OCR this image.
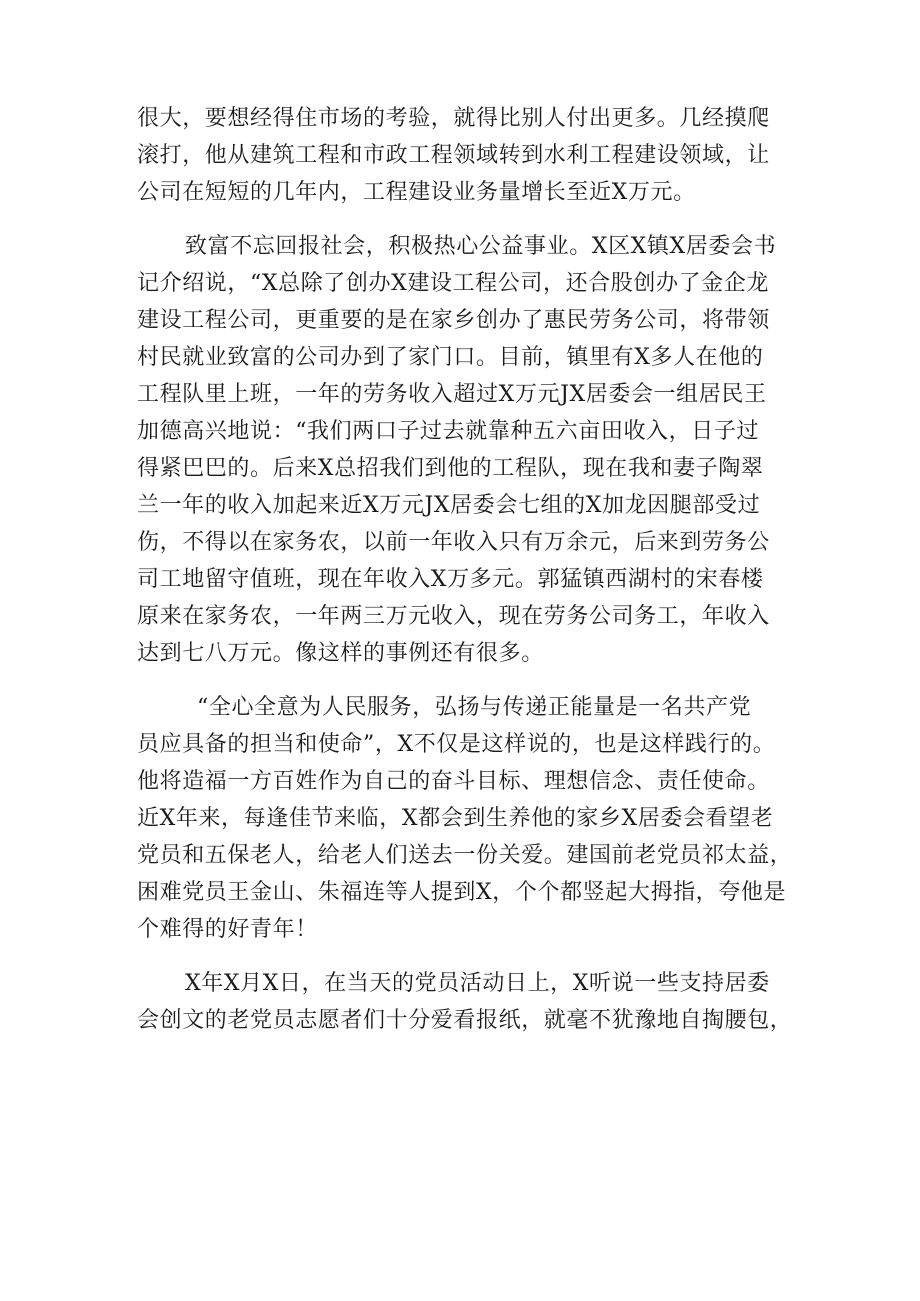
很大，要想经得住市场的考验，就得比别人付出更多。几经摸爬
滚打，他从建筑工程和市政工程领域转到水利工程建设领域，让
公司在短短的几年内，工程建设业务量增长至近X万元。
致富不忘回报社会，积极热心公益事业。X区X镇X居委会书
记介绍说，“X总除了创办X建设工程公司，还合股创办了金企龙
建设工程公司，更重要的是在家乡创办了惠民劳务公司，将带领
村民就业致富的公司办到了家门口。目前，镇里有X多人在他的
工程队里上班，一年的劳务收入超过X万元JX居委会一组居民王
加德高兴地说：“我们两口子过去就靠种五六亩田收入，日子过
得紧巴巴的。后来X总招我们到他的工程队，现在我和妻子陶翠
兰一年的收入加起来近X万元JX居委会七组的X加龙因腿部受过
伤，不得以在家务农，以前一年收入只有万余元，后来到劳务公
司工地留守值班，现在年收入X万多元。郭猛镇西湖村的宋春楼
原来在家务农，一年两三万元收入，现在劳务公司务工，年收入
达到七八万元。像这样的事例还有很多。
“全心全意为人民服务，弘扬与传递正能量是一名共产党
员应具备的担当和使命”，X不仅是这样说的，也是这样践行的。
他将造福一方百姓作为自己的奋斗目标、理想信念、责任使命。
近X年来，每逢佳节来临，X都会到生养他的家乡X居委会看望老
党员和五保老人，给老人们送去一份关爱。建国前老党员祁太益，
困难党员王金山、朱福连等人提到X，个个都竖起大拇指，夸他是
个难得的好青年！
X年X月X日，在当天的党员活动日上，X听说一些支持居委
会创文的老党员志愿者们十分爱看报纸，就毫不犹豫地自掏腰包，
